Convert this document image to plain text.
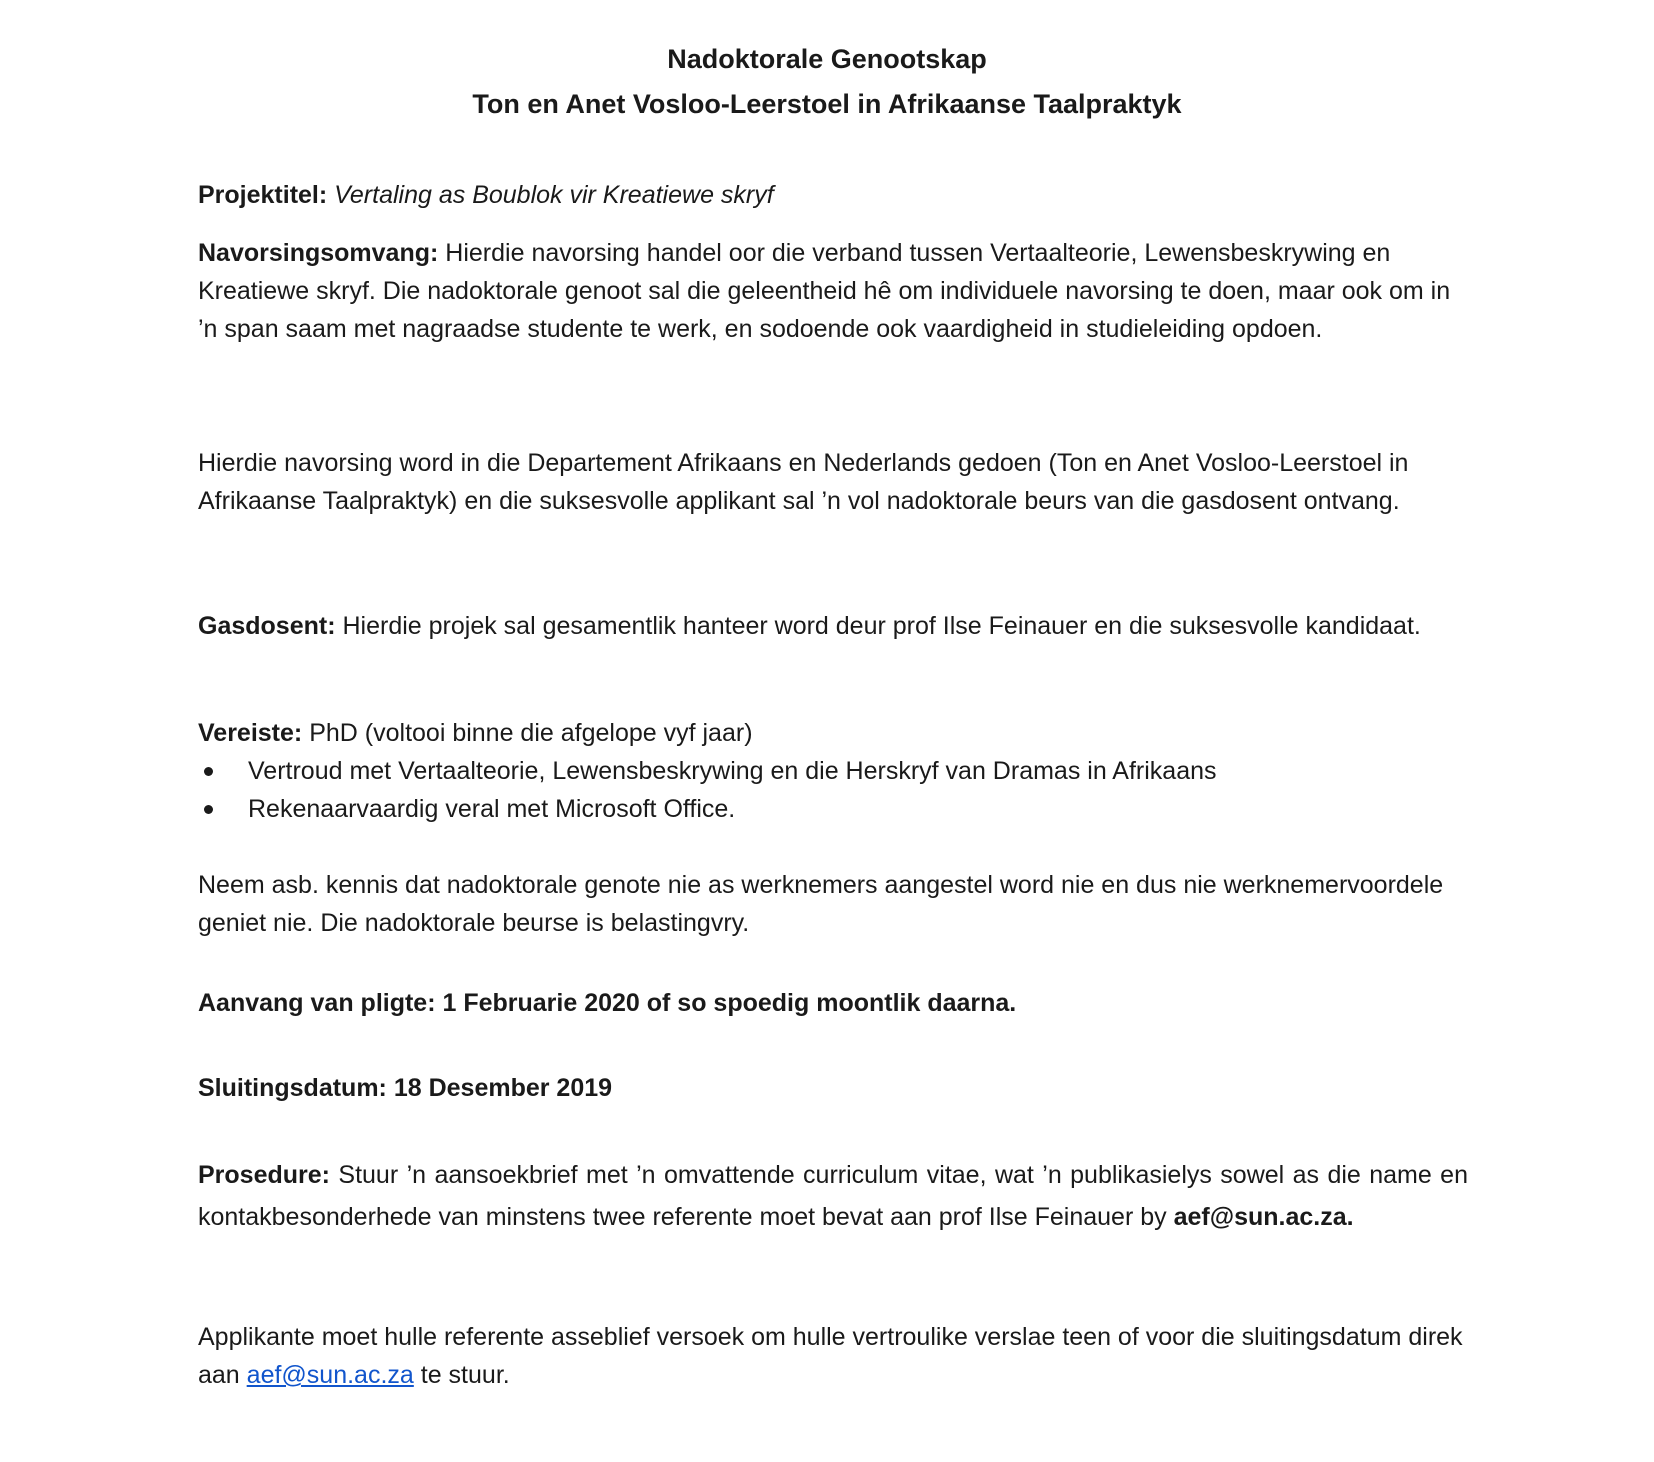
Nadoktorale Genootskap
Ton en Anet Vosloo-Leerstoel in Afrikaanse Taalpraktyk
Projektitel: Vertaling as Boublok vir Kreatiewe skryf
Navorsingsomvang: Hierdie navorsing handel oor die verband tussen Vertaalteorie, Lewensbeskrywing en Kreatiewe skryf. Die nadoktorale genoot sal die geleentheid hê om individuele navorsing te doen, maar ook om in ’n span saam met nagraadse studente te werk, en sodoende ook vaardigheid in studieleiding opdoen.
Hierdie navorsing word in die Departement Afrikaans en Nederlands gedoen (Ton en Anet Vosloo-Leerstoel in Afrikaanse Taalpraktyk) en die suksesvolle applikant sal ’n vol nadoktorale beurs van die gasdosent ontvang.
Gasdosent: Hierdie projek sal gesamentlik hanteer word deur prof Ilse Feinauer en die suksesvolle kandidaat.
Vereiste: PhD (voltooi binne die afgelope vyf jaar)
Vertroud met Vertaalteorie, Lewensbeskrywing en die Herskryf van Dramas in Afrikaans
Rekenaarvaardig veral met Microsoft Office.
Neem asb. kennis dat nadoktorale genote nie as werknemers aangestel word nie en dus nie werknemervoordele geniet nie. Die nadoktorale beurse is belastingvry.
Aanvang van pligte: 1 Februarie 2020 of so spoedig moontlik daarna.
Sluitingsdatum: 18 Desember 2019
Prosedure: Stuur ’n aansoekbrief met ’n omvattende curriculum vitae, wat ’n publikasielys sowel as die name en kontakbesonderhede van minstens twee referente moet bevat aan prof Ilse Feinauer by aef@sun.ac.za.
Applikante moet hulle referente asseblief versoek om hulle vertroulike verslae teen of voor die sluitingsdatum direk aan aef@sun.ac.za te stuur.
